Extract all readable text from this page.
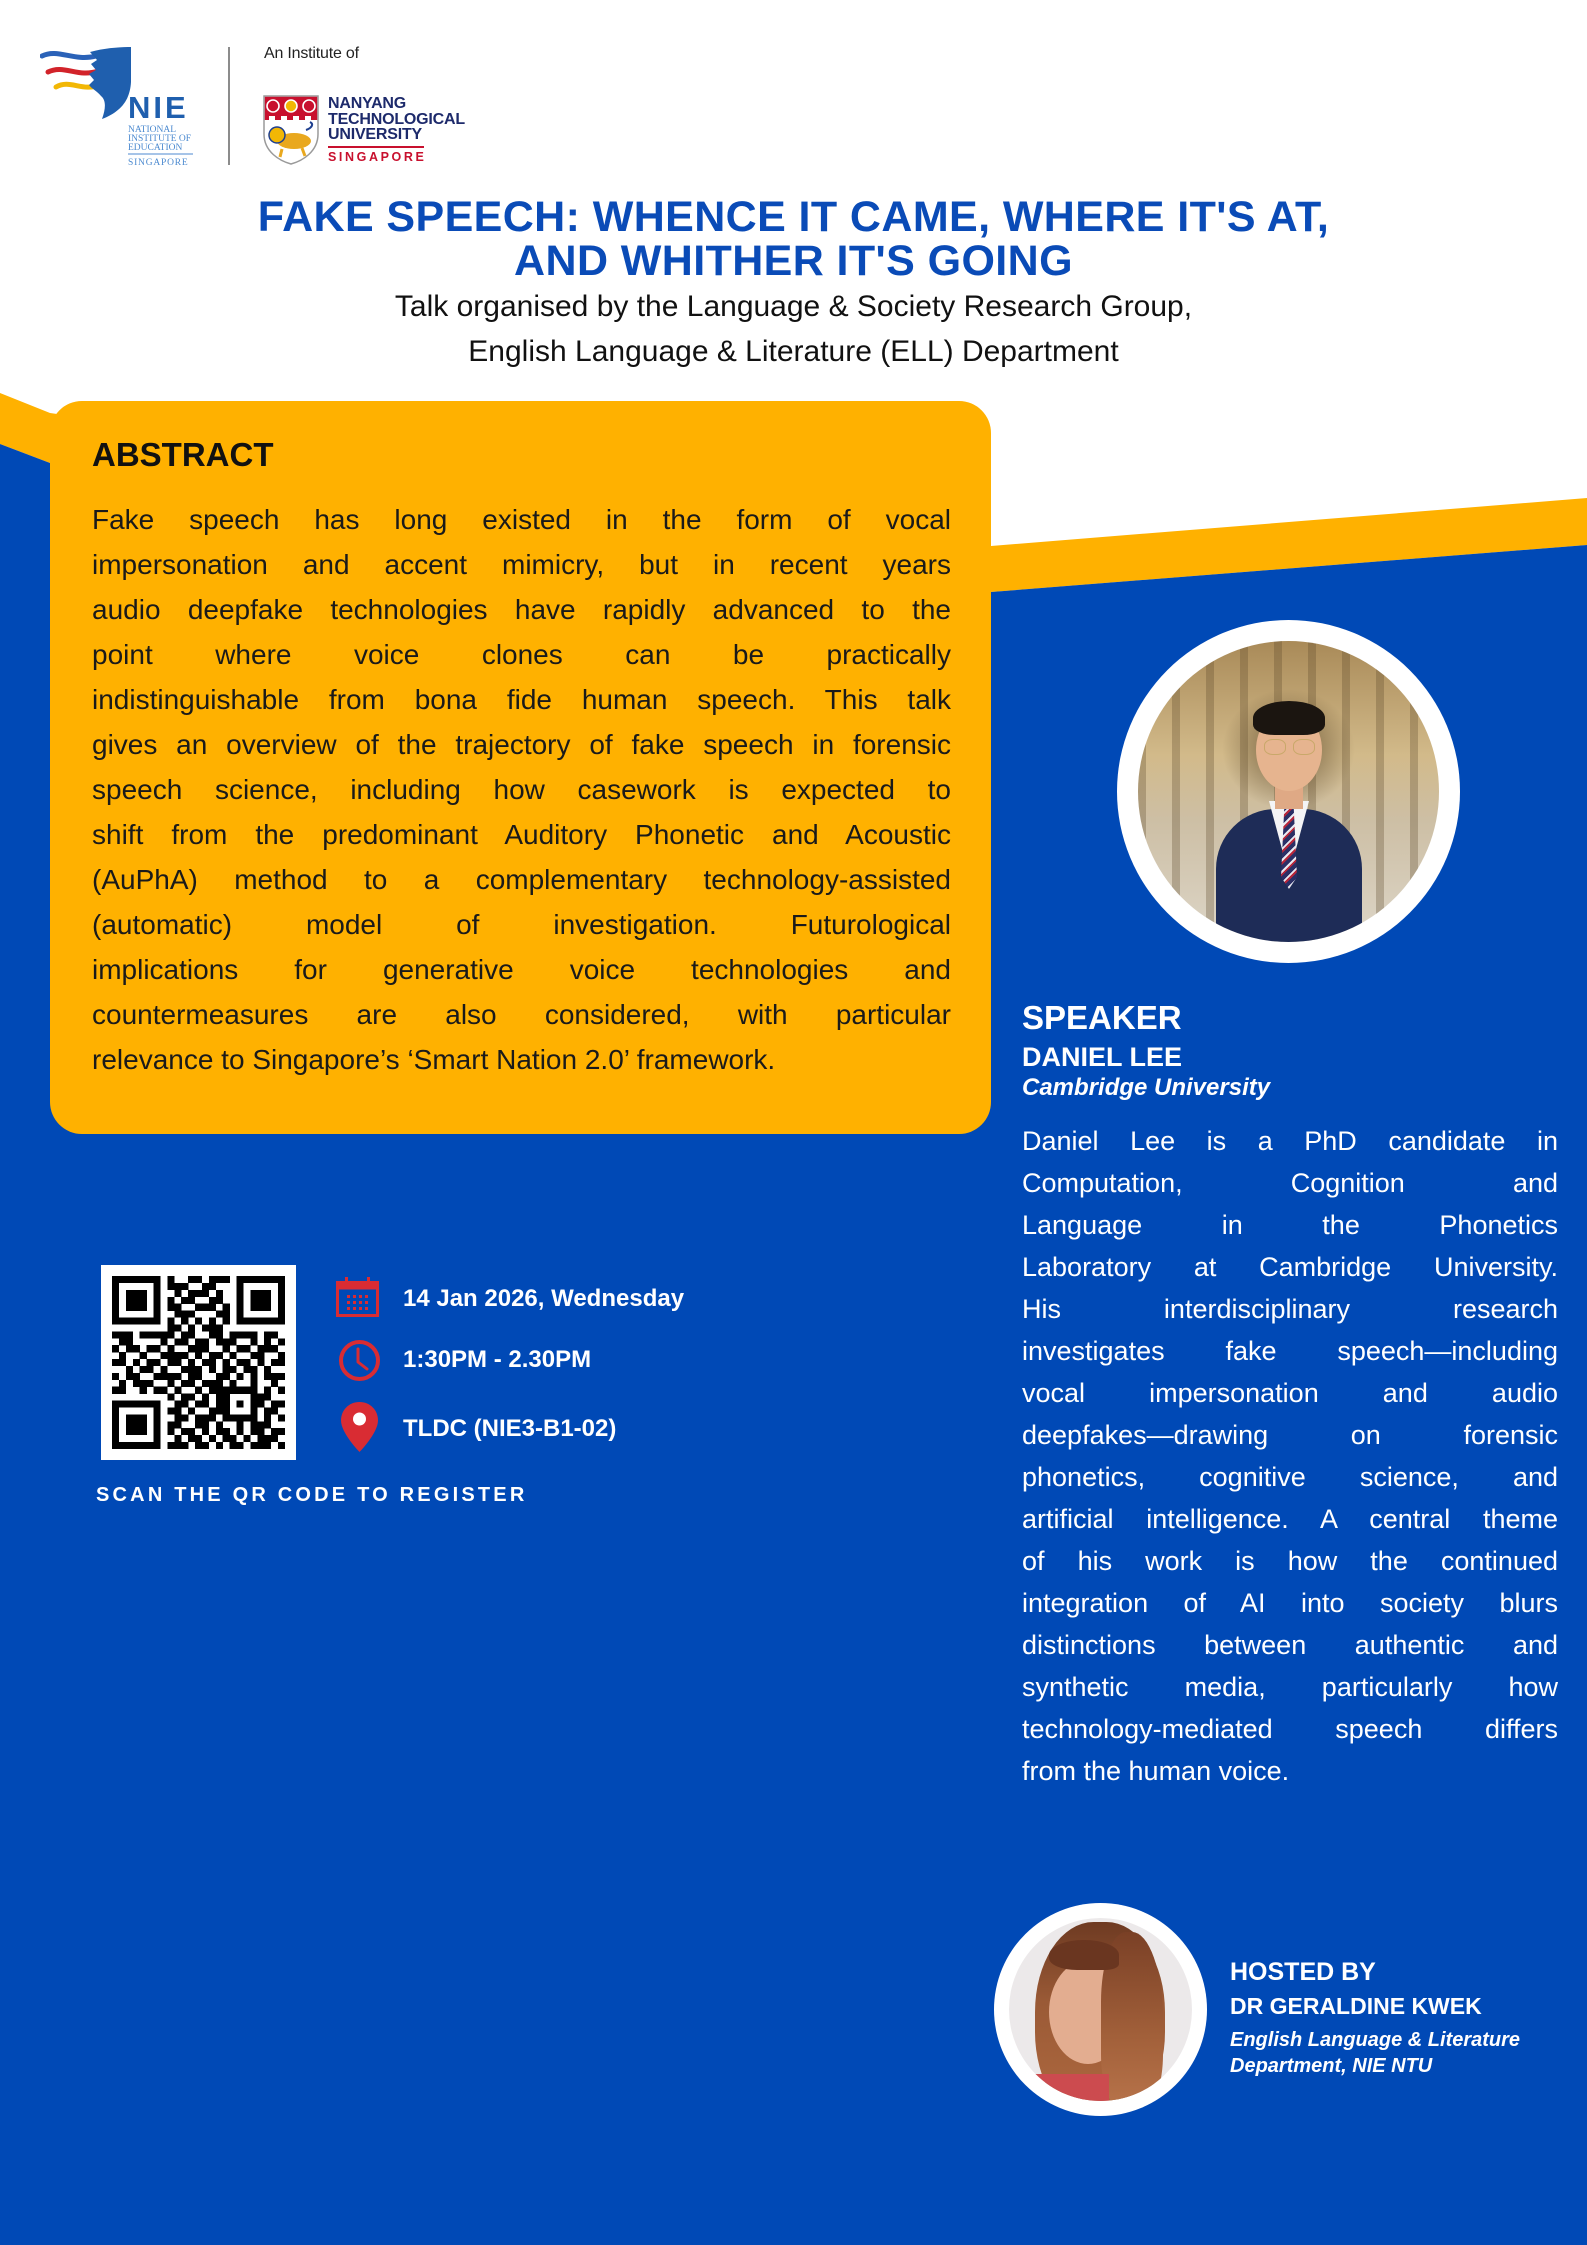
NIE
NATIONAL
INSTITUTE OF
EDUCATION
SINGAPORE
An Institute of
NANYANG
TECHNOLOGICAL
UNIVERSITY
SINGAPORE
FAKE SPEECH: WHENCE IT CAME, WHERE IT'S AT,
AND WHITHER IT'S GOING
Talk organised by the Language & Society Research Group,
English Language & Literature (ELL) Department
ABSTRACT
Fake speech has long existed in the form of vocal
impersonation and accent mimicry, but in recent years
audio deepfake technologies have rapidly advanced to the
point where voice clones can be practically
indistinguishable from bona fide human speech. This talk
gives an overview of the trajectory of fake speech in forensic
speech science, including how casework is expected to
shift from the predominant Auditory Phonetic and Acoustic
(AuPhA) method to a complementary technology-assisted
(automatic) model of investigation. Futurological
implications for generative voice technologies and
countermeasures are also considered, with particular
relevance to Singapore’s ‘Smart Nation 2.0’ framework.
SPEAKER
DANIEL LEE
Cambridge University
Daniel Lee is a PhD candidate in
Computation, Cognition and
Language in the Phonetics
Laboratory at Cambridge University.
His interdisciplinary research
investigates fake speech—including
vocal impersonation and audio
deepfakes—drawing on forensic
phonetics, cognitive science, and
artificial intelligence. A central theme
of his work is how the continued
integration of AI into society blurs
distinctions between authentic and
synthetic media, particularly how
technology-mediated speech differs
from the human voice.
14 Jan 2026, Wednesday
1:30PM - 2.30PM
TLDC (NIE3-B1-02)
SCAN THE QR CODE TO REGISTER
HOSTED BY
DR GERALDINE KWEK
English Language & Literature
Department, NIE NTU
